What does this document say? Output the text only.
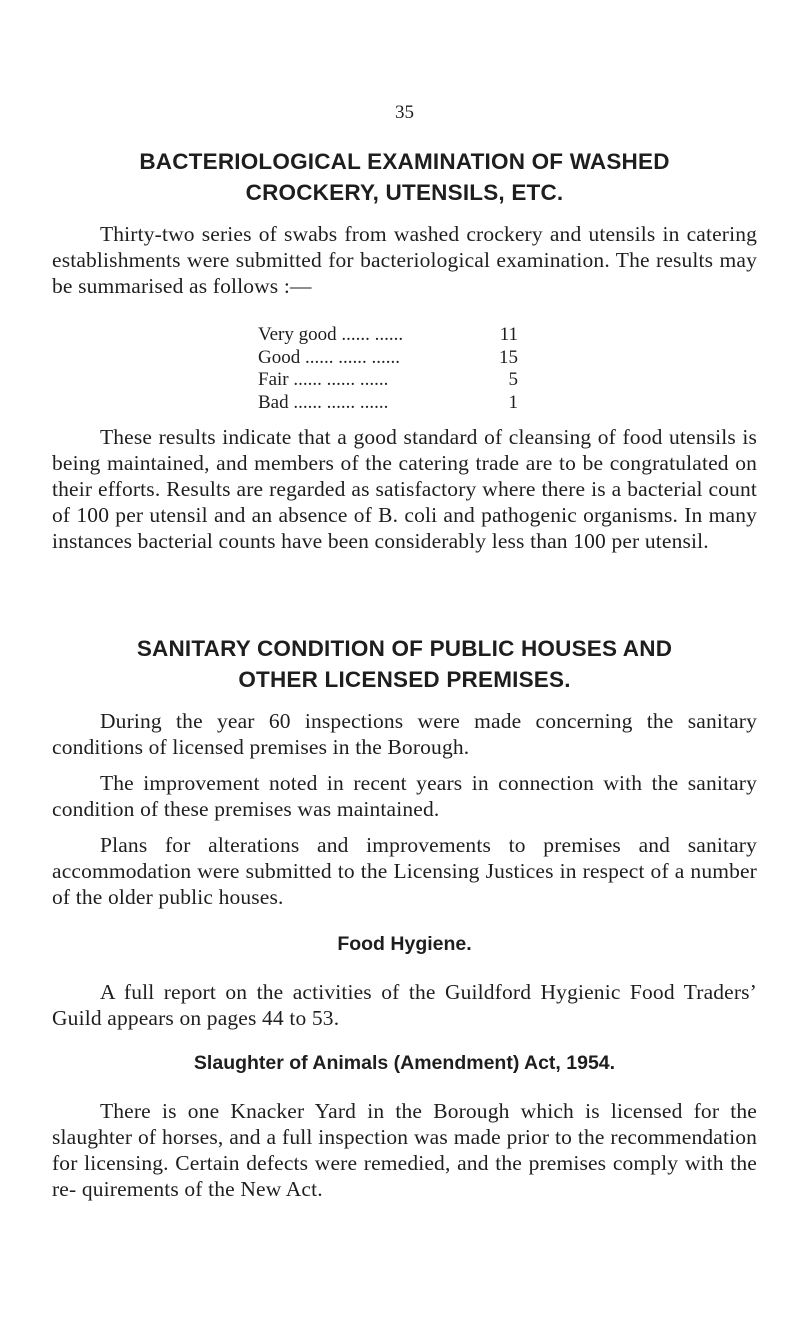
35

BACTERIOLOGICAL EXAMINATION OF WASHED

CROCKERY, UTENSILS, ETC.

Thirty-two series of swabs from washed crockery and utensils in catering establishments were submitted for bacteriological examination. The results may be summarised as follows :—

Very good ...... ......	11
Good ...... ...... ......	15
Fair ...... ...... ......	5
Bad ...... ...... ......	1

These results indicate that a good standard of cleansing of food utensils is being maintained, and members of the catering trade are to be congratulated on their efforts. Results are regarded as satisfactory where there is a bacterial count of 100 per utensil and an absence of B. coli and pathogenic organisms. In many instances bacterial counts have been considerably less than 100 per utensil.

SANITARY CONDITION OF PUBLIC HOUSES AND

OTHER LICENSED PREMISES.

During the year 60 inspections were made concerning the sanitary conditions of licensed premises in the Borough.

The improvement noted in recent years in connection with the sanitary condition of these premises was maintained.

Plans for alterations and improvements to premises and sanitary accommodation were submitted to the Licensing Justices in respect of a number of the older public houses.

Food Hygiene.

A full report on the activities of the Guildford Hygienic Food Traders’ Guild appears on pages 44 to 53.

Slaughter of Animals (Amendment) Act, 1954.

There is one Knacker Yard in the Borough which is licensed for the slaughter of horses, and a full inspection was made prior to the recommendation for licensing. Certain defects were remedied, and the premises comply with the re- quirements of the New Act.
